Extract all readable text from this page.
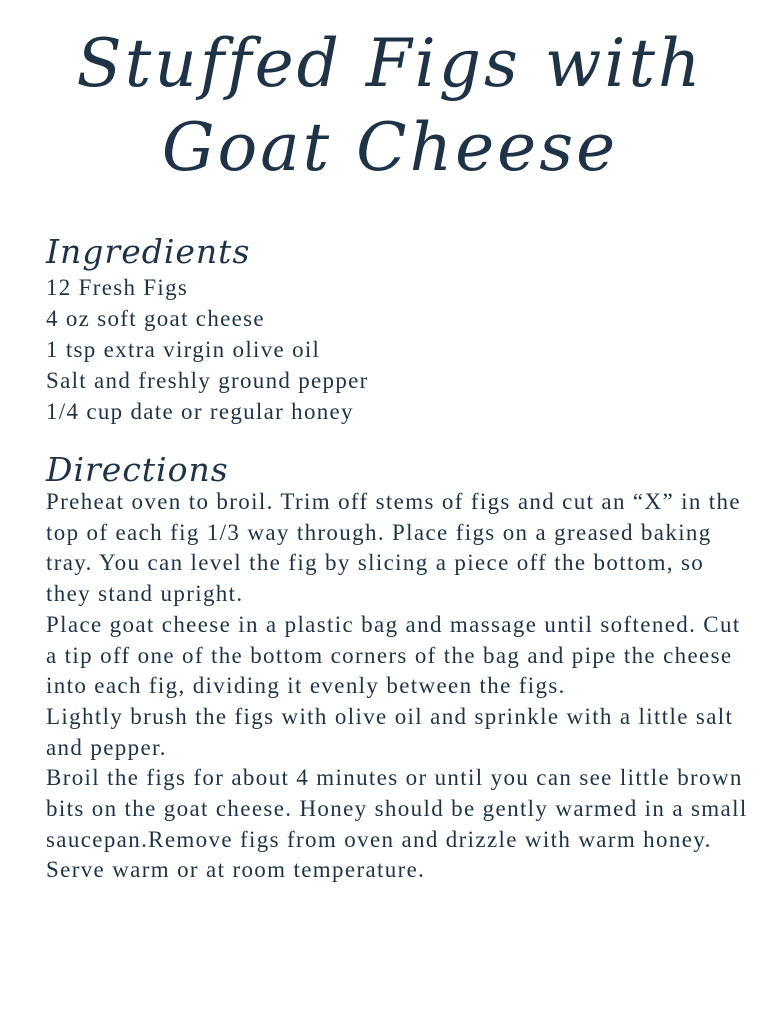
Stuffed Figs with
Goat Cheese
Ingredients
12 Fresh Figs
4 oz soft goat cheese
1 tsp extra virgin olive oil
Salt and freshly ground pepper
1/4 cup date or regular honey
Directions

Preheat oven to broil. Trim off stems of figs and cut an “X” in the top of each fig 1/3 way through. Place figs on a greased baking tray. You can level the fig by slicing a piece off the bottom, so they stand upright.

Place goat cheese in a plastic bag and massage until softened. Cut a tip off one of the bottom corners of the bag and pipe the cheese into each fig, dividing it evenly between the figs.

Lightly brush the figs with olive oil and sprinkle with a little salt and pepper.

Broil the figs for about 4 minutes or until you can see little brown bits on the goat cheese. Honey should be gently warmed in a small saucepan.Remove figs from oven and drizzle with warm honey. Serve warm or at room temperature.
